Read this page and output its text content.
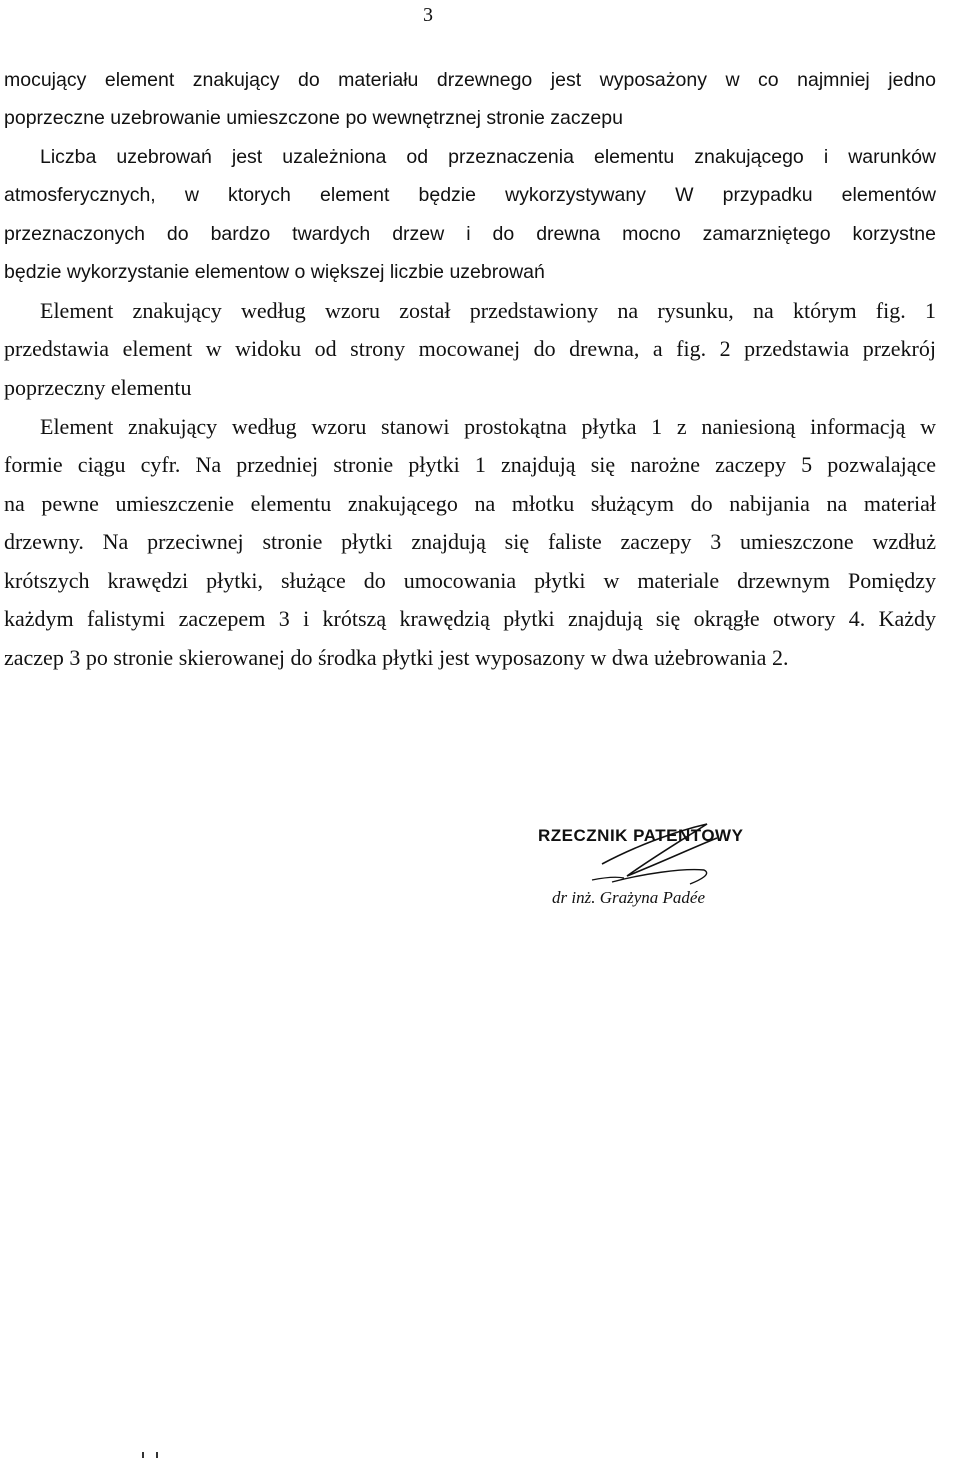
3

mocujący element znakujący do materiału drzewnego jest wyposażony w co najmniej jedno

poprzeczne uzebrowanie umieszczone po wewnętrznej stronie zaczepu

Liczba uzebrowań jest uzależniona od przeznaczenia elementu znakującego i warunków

atmosferycznych, w ktorych element będzie wykorzystywany W przypadku elementów

przeznaczonych do bardzo twardych drzew i do drewna mocno zamarzniętego korzystne

będzie wykorzystanie elementow o większej liczbie uzebrowań

Element znakujący według wzoru został przedstawiony na rysunku, na którym fig. 1

przedstawia element w widoku od strony mocowanej do drewna, a fig. 2 przedstawia przekrój

poprzeczny elementu

Element znakujący według wzoru stanowi prostokątna płytka 1 z naniesioną informacją w

formie ciągu cyfr. Na przedniej stronie płytki 1 znajdują się narożne zaczepy 5 pozwalające

na pewne umieszczenie elementu znakującego na młotku służącym do nabijania na materiał

drzewny. Na przeciwnej stronie płytki znajdują się faliste zaczepy 3 umieszczone wzdłuż

krótszych krawędzi płytki, służące do umocowania płytki w materiale drzewnym Pomiędzy

każdym falistymi zaczepem 3 i krótszą krawędzią płytki znajdują się okrągłe otwory 4. Każdy

zaczep 3 po stronie skierowanej do środka płytki jest wyposazony w dwa użebrowania 2.

RZECZNIK PATENTOWY
dr inż. Grażyna Padée
